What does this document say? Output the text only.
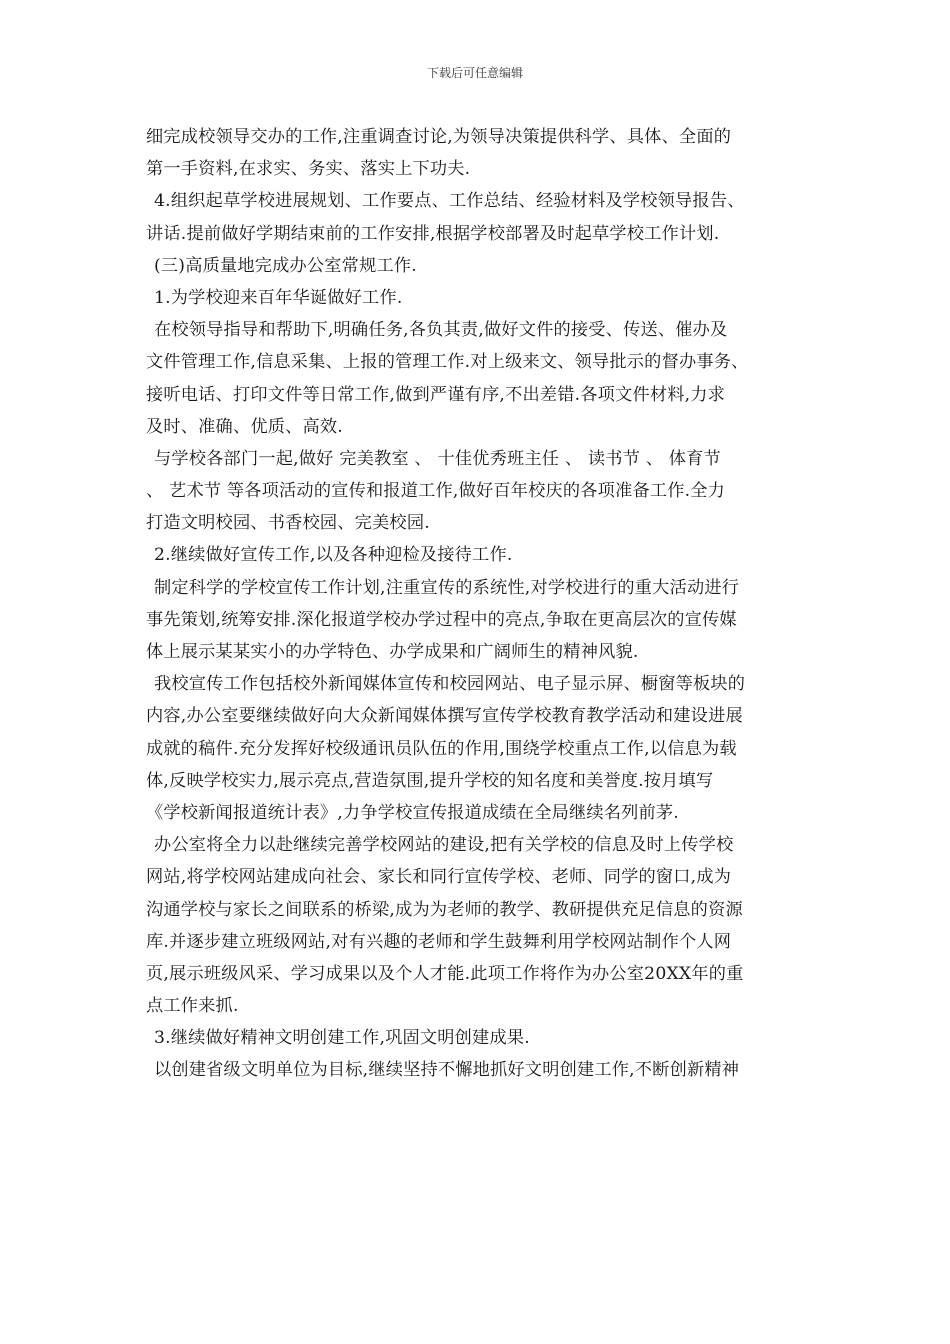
下载后可任意编辑
细完成校领导交办的工作,注重调查讨论,为领导决策提供科学、具体、全面的
第一手资料,在求实、务实、落实上下功夫.
4.组织起草学校进展规划、工作要点、工作总结、经验材料及学校领导报告、
讲话.提前做好学期结束前的工作安排,根据学校部署及时起草学校工作计划.
(三)高质量地完成办公室常规工作.
1.为学校迎来百年华诞做好工作.
在校领导指导和帮助下,明确任务,各负其责,做好文件的接受、传送、催办及
文件管理工作,信息采集、上报的管理工作.对上级来文、领导批示的督办事务、
接听电话、打印文件等日常工作,做到严谨有序,不出差错.各项文件材料,力求
及时、准确、优质、高效.
与学校各部门一起,做好 完美教室 、 十佳优秀班主任 、 读书节 、 体育节
、 艺术节 等各项活动的宣传和报道工作,做好百年校庆的各项准备工作.全力
打造文明校园、书香校园、完美校园.
2.继续做好宣传工作,以及各种迎检及接待工作.
制定科学的学校宣传工作计划,注重宣传的系统性,对学校进行的重大活动进行
事先策划,统筹安排.深化报道学校办学过程中的亮点,争取在更高层次的宣传媒
体上展示某某实小的办学特色、办学成果和广阔师生的精神风貌.
我校宣传工作包括校外新闻媒体宣传和校园网站、电子显示屏、橱窗等板块的
内容,办公室要继续做好向大众新闻媒体撰写宣传学校教育教学活动和建设进展
成就的稿件.充分发挥好校级通讯员队伍的作用,围绕学校重点工作,以信息为载
体,反映学校实力,展示亮点,营造氛围,提升学校的知名度和美誉度.按月填写
《学校新闻报道统计表》,力争学校宣传报道成绩在全局继续名列前茅.
办公室将全力以赴继续完善学校网站的建设,把有关学校的信息及时上传学校
网站,将学校网站建成向社会、家长和同行宣传学校、老师、同学的窗口,成为
沟通学校与家长之间联系的桥梁,成为为老师的教学、教研提供充足信息的资源
库.并逐步建立班级网站,对有兴趣的老师和学生鼓舞利用学校网站制作个人网
页,展示班级风采、学习成果以及个人才能.此项工作将作为办公室20XX年的重
点工作来抓.
3.继续做好精神文明创建工作,巩固文明创建成果.
以创建省级文明单位为目标,继续坚持不懈地抓好文明创建工作,不断创新精神
